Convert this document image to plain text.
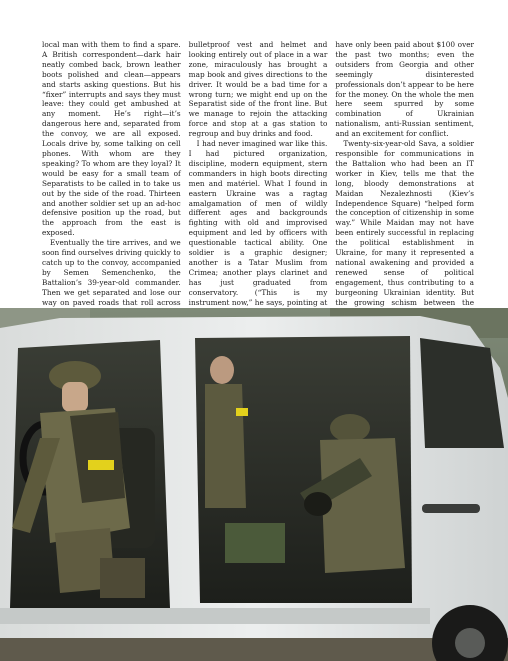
local man with them to find a spare. A British correspondent—dark hair neatly combed back, brown leather boots polished and clean—appears and starts asking questions. But his “fixer” interrupts and says they must leave: they could get ambushed at any moment. He’s right—it’s dangerous here and, separated from the convoy, we are all exposed. Locals drive by, some talking on cell phones. With whom are they speaking? To whom are they loyal? It would be easy for a small team of Separatists to be called in to take us out by the side of the road. Thirteen and another soldier set up an ad-hoc defensive position up the road, but the approach from the east is exposed.

Eventually the tire arrives, and we soon find ourselves driving quickly to catch up to the convoy, accompanied by Semen Semenchenko, the Battalion’s 39-year-old commander. Then we get separated and lose our way on paved roads that roll across

bulletproof vest and helmet and looking entirely out of place in a war zone, miraculously has brought a map book and gives directions to the driver. It would be a bad time for a wrong turn; we might end up on the Separatist side of the front line. But we manage to rejoin the attacking force and stop at a gas station to regroup and buy drinks and food.

I had never imagined war like this. I had pictured organization, discipline, modern equipment, stern commanders in high boots directing men and matériel. What I found in eastern Ukraine was a ragtag amalgamation of men of wildly different ages and backgrounds fighting with old and improvised equipment and led by officers with questionable tactical ability. One soldier is a graphic designer; another is a Tatar Muslim from Crimea; another plays clarinet and has just graduated from conservatory. (“This is my instrument now,” he says, pointing at

have only been paid about $100 over the past two months; even the outsiders from Georgia and other seemingly disinterested professionals don’t appear to be here for the money. On the whole the men here seem spurred by some combination of Ukrainian nationalism, anti-Russian sentiment, and an excitement for conflict.

Twenty-six-year-old Sava, a soldier responsible for communications in the Battalion who had been an IT worker in Kiev, tells me that the long, bloody demonstrations at Maidan Nezalezhnosti (Kiev’s Independence Square) “helped form the conception of citizenship in some way.” While Maidan may not have been entirely successful in replacing the political establishment in Ukraine, for many it represented a national awakening and provided a renewed sense of political engagement, thus contributing to a burgeoning Ukrainian identity. But the growing schism between the
